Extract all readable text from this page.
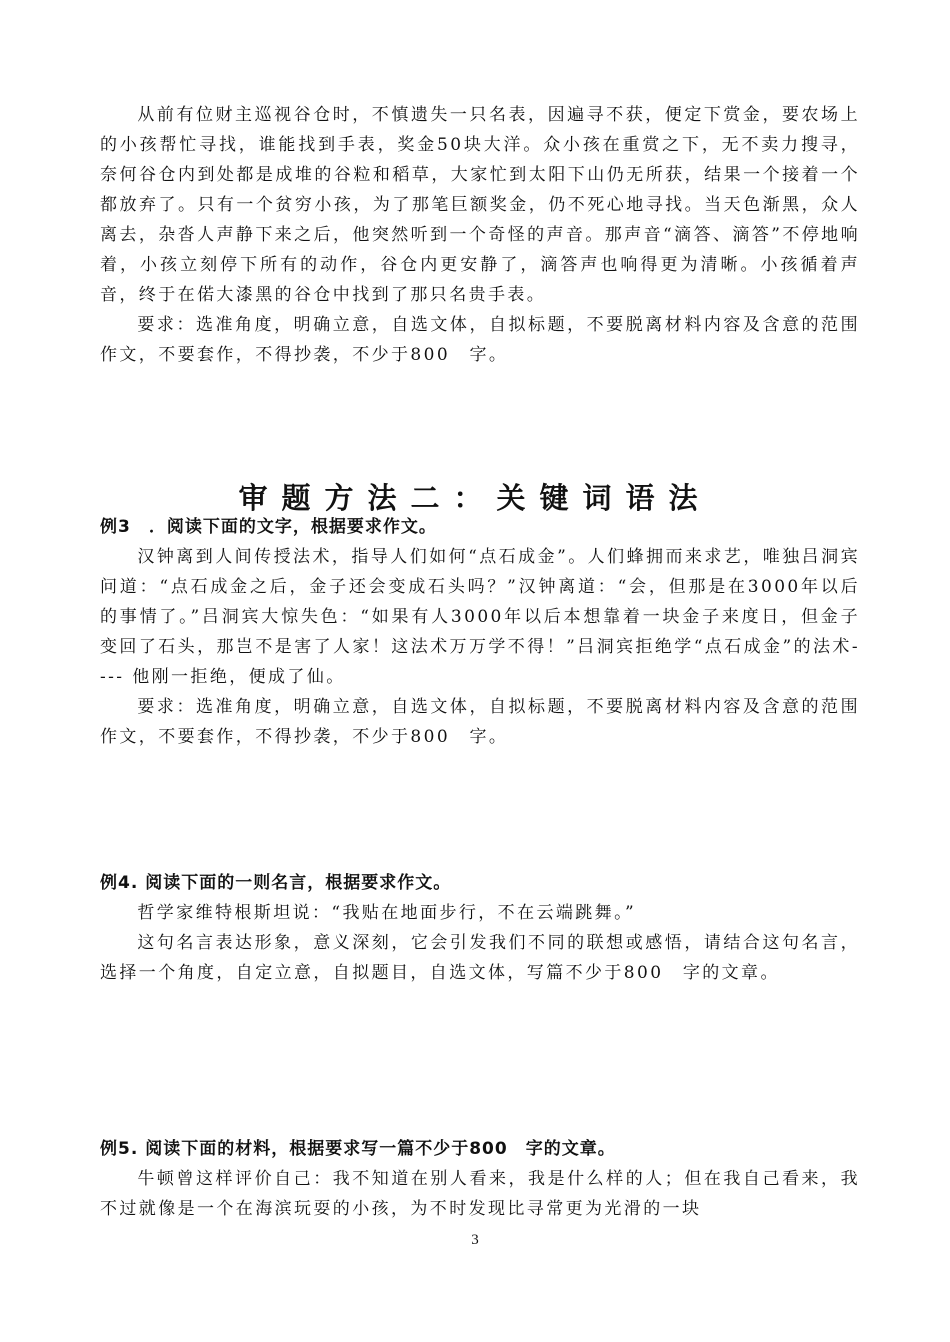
从前有位财主巡视谷仓时，不慎遗失一只名表，因遍寻不获，便定下赏金，要农场上的小孩帮忙寻找，谁能找到手表，奖金50块大洋。众小孩在重赏之下，无不卖力搜寻，奈何谷仓内到处都是成堆的谷粒和稻草，大家忙到太阳下山仍无所获，结果一个接着一个都放弃了。只有一个贫穷小孩，为了那笔巨额奖金，仍不死心地寻找。当天色渐黑，众人离去，杂沓人声静下来之后，他突然听到一个奇怪的声音。那声音“滴答、滴答”不停地响着，小孩立刻停下所有的动作，谷仓内更安静了，滴答声也响得更为清晰。小孩循着声音，终于在偌大漆黑的谷仓中找到了那只名贵手表。

要求：选准角度，明确立意，自选文体，自拟标题，不要脱离材料内容及含意的范围作文，不要套作，不得抄袭，不少于800　字。

审题方法二：关键词语法

例3　．阅读下面的文字，根据要求作文。

汉钟离到人间传授法术，指导人们如何“点石成金”。人们蜂拥而来求艺，唯独吕洞宾问道：“点石成金之后，金子还会变成石头吗？”汉钟离道：“会，但那是在3000年以后的事情了。”吕洞宾大惊失色：“如果有人3000年以后本想靠着一块金子来度日，但金子变回了石头，那岂不是害了人家！这法术万万学不得！”吕洞宾拒绝学“点石成金”的法术---- 他刚一拒绝，便成了仙。

要求：选准角度，明确立意，自选文体，自拟标题，不要脱离材料内容及含意的范围作文，不要套作，不得抄袭，不少于800　字。

例4. 阅读下面的一则名言，根据要求作文。

哲学家维特根斯坦说：“我贴在地面步行，不在云端跳舞。”

这句名言表达形象，意义深刻，它会引发我们不同的联想或感悟，请结合这句名言，选择一个角度，自定立意，自拟题目，自选文体，写篇不少于800　字的文章。

例5. 阅读下面的材料，根据要求写一篇不少于800　字的文章。

牛顿曾这样评价自己：我不知道在别人看来，我是什么样的人；但在我自己看来，我不过就像是一个在海滨玩耍的小孩，为不时发现比寻常更为光滑的一块

3
